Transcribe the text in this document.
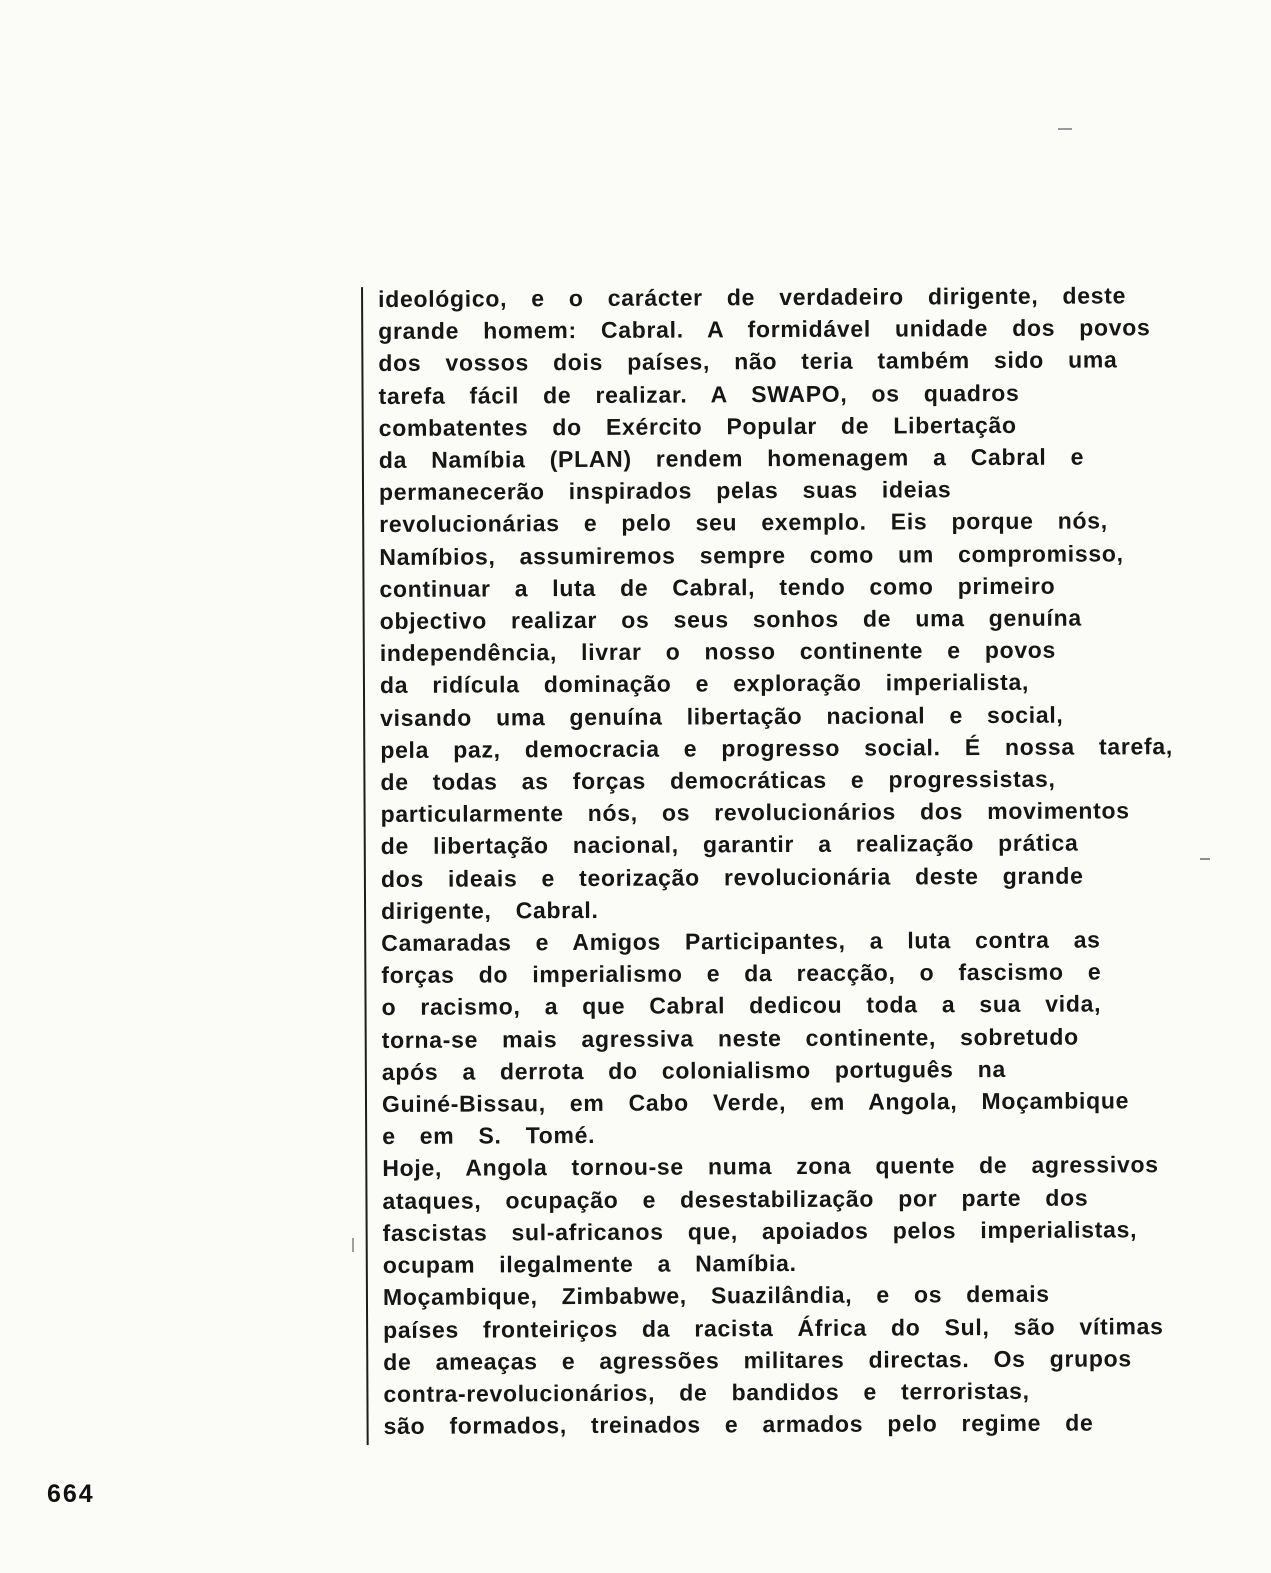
ideológico, e o carácter de verdadeiro dirigente, deste
grande homem: Cabral. A formidável unidade dos povos
dos vossos dois países, não teria também sido uma
tarefa fácil de realizar. A SWAPO, os quadros
combatentes do Exército Popular de Libertação
da Namíbia (PLAN) rendem homenagem a Cabral e
permanecerão inspirados pelas suas ideias
revolucionárias e pelo seu exemplo. Eis porque nós,
Namíbios, assumiremos sempre como um compromisso,
continuar a luta de Cabral, tendo como primeiro
objectivo realizar os seus sonhos de uma genuína
independência, livrar o nosso continente e povos
da ridícula dominação e exploração imperialista,
visando uma genuína libertação nacional e social,
pela paz, democracia e progresso social. É nossa tarefa,
de todas as forças democráticas e progressistas,
particularmente nós, os revolucionários dos movimentos
de libertação nacional, garantir a realização prática
dos ideais e teorização revolucionária deste grande
dirigente, Cabral.
Camaradas e Amigos Participantes, a luta contra as
forças do imperialismo e da reacção, o fascismo e
o racismo, a que Cabral dedicou toda a sua vida,
torna-se mais agressiva neste continente, sobretudo
após a derrota do colonialismo português na
Guiné-Bissau, em Cabo Verde, em Angola, Moçambique
e em S. Tomé.
Hoje, Angola tornou-se numa zona quente de agressivos
ataques, ocupação e desestabilização por parte dos
fascistas sul-africanos que, apoiados pelos imperialistas,
ocupam ilegalmente a Namíbia.
Moçambique, Zimbabwe, Suazilândia, e os demais
países fronteiriços da racista África do Sul, são vítimas
de ameaças e agressões militares directas. Os grupos
contra-revolucionários, de bandidos e terroristas,
são formados, treinados e armados pelo regime de
664
